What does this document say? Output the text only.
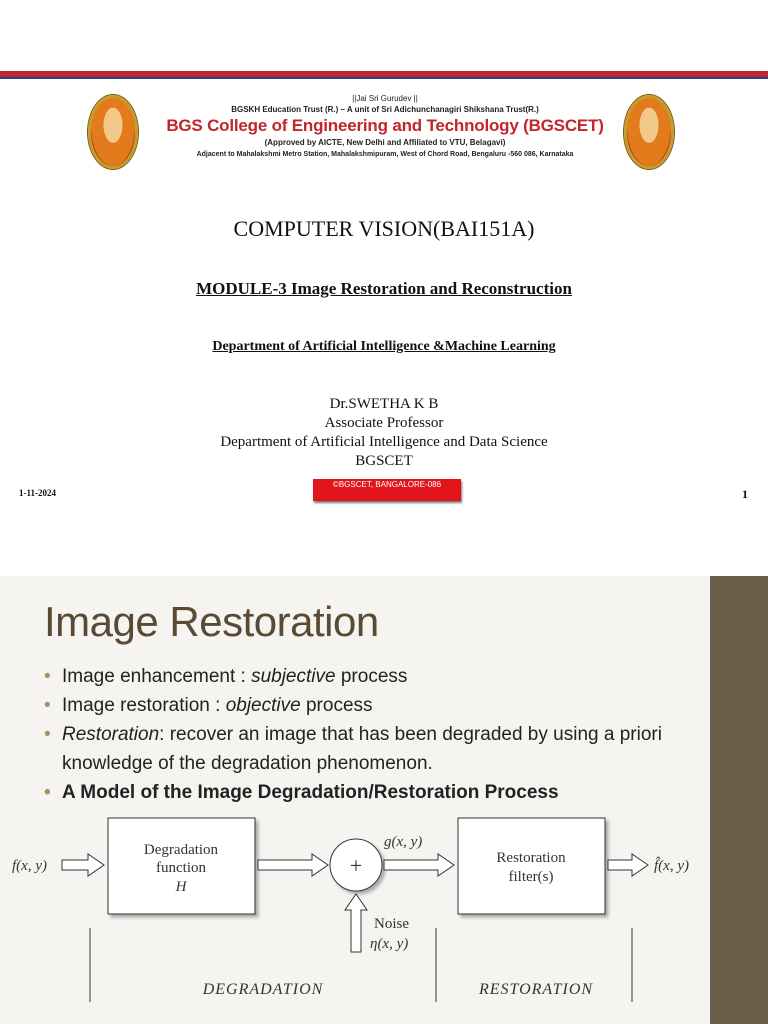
||Jai Sri Gurudev ||
BGSKH Education Trust (R.) – A unit of Sri Adichunchanagiri Shikshana Trust(R.)
BGS College of Engineering and Technology (BGSCET)
(Approved by AICTE, New Delhi and Affiliated to VTU, Belagavi)
Adjacent to Mahalakshmi Metro Station, Mahalakshmipuram, West of Chord Road, Bengaluru -560 086, Karnataka
COMPUTER VISION(BAI151A)
MODULE-3 Image Restoration and Reconstruction
Department of Artificial Intelligence &Machine Learning
Dr.SWETHA K B
Associate Professor
Department of Artificial Intelligence and Data Science
BGSCET
1-11-2024
©BGSCET, BANGALORE-086
1
Image Restoration
• Image enhancement : subjective process
• Image restoration : objective process
• Restoration: recover an image that has been degraded by using a priori knowledge of the degradation phenomenon.
• A Model of the Image Degradation/Restoration Process
f(x, y)
Degradation
function
H
+
Noise
η(x, y)
g(x, y)
Restoration
filter(s)
f̂(x, y)
DEGRADATION	RESTORATION
